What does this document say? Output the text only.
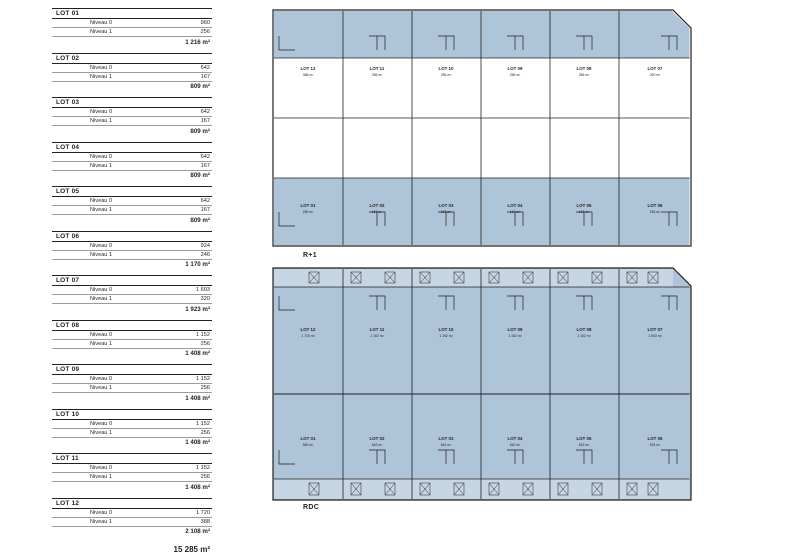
LOT 01
Niveau 0	960
Niveau 1	256
1 216 m²
LOT 02
Niveau 0	642
Niveau 1	167
809 m²
LOT 03
Niveau 0	642
Niveau 1	167
809 m²
LOT 04
Niveau 0	642
Niveau 1	167
809 m²
LOT 05
Niveau 0	642
Niveau 1	167
809 m²
LOT 06
Niveau 0	924
Niveau 1	246
1 170 m²
LOT 07
Niveau 0	1 603
Niveau 1	320
1 923 m²
LOT 08
Niveau 0	1 152
Niveau 1	256
1 408 m²
LOT 09
Niveau 0	1 152
Niveau 1	256
1 408 m²
LOT 10
Niveau 0	1 152
Niveau 1	256
1 408 m²
LOT 11
Niveau 0	1 152
Niveau 1	256
1 408 m²
LOT 12
Niveau 0	1 720
Niveau 1	388
2 108 m²
15 285 m²
LOT 12
388 m²
LOT 11
256 m²
LOT 10
256 m²
LOT 09
256 m²
LOT 08
256 m²
LOT 07
320 m²
LOT 01
256 m²
LOT 02
167 m²
LOT 03
167 m²
LOT 04
167 m²
LOT 05
167 m²
LOT 06
246 m²
R+1
LOT 12
1 720 m²
LOT 11
1 152 m²
LOT 10
1 152 m²
LOT 09
1 152 m²
LOT 08
1 152 m²
LOT 07
1 603 m²
LOT 01
960 m²
LOT 02
642 m²
LOT 03
642 m²
LOT 04
642 m²
LOT 05
642 m²
LOT 06
924 m²
RDC
